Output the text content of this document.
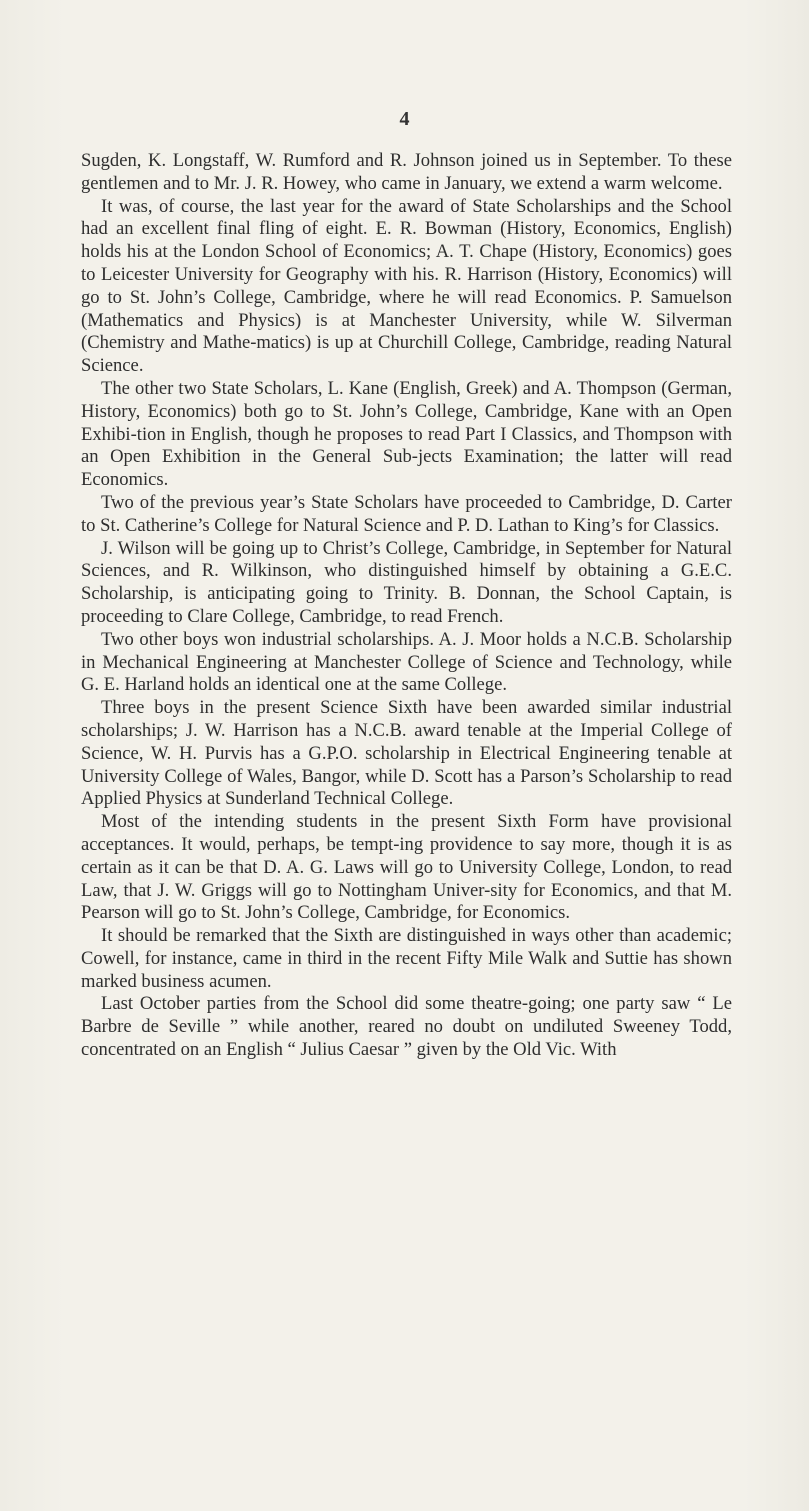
4

Sugden, K. Longstaff, W. Rumford and R. Johnson joined us in September. To these gentlemen and to Mr. J. R. Howey, who came in January, we extend a warm welcome.

It was, of course, the last year for the award of State Scholarships and the School had an excellent final fling of eight. E. R. Bowman (History, Economics, English) holds his at the London School of Economics; A. T. Chape (History, Economics) goes to Leicester University for Geography with his. R. Harrison (History, Economics) will go to St. John’s College, Cambridge, where he will read Economics. P. Samuelson (Mathematics and Physics) is at Manchester University, while W. Silverman (Chemistry and Mathe-matics) is up at Churchill College, Cambridge, reading Natural Science.

The other two State Scholars, L. Kane (English, Greek) and A. Thompson (German, History, Economics) both go to St. John’s College, Cambridge, Kane with an Open Exhibi-tion in English, though he proposes to read Part I Classics, and Thompson with an Open Exhibition in the General Sub-jects Examination; the latter will read Economics.

Two of the previous year’s State Scholars have proceeded to Cambridge, D. Carter to St. Catherine’s College for Natural Science and P. D. Lathan to King’s for Classics.

J. Wilson will be going up to Christ’s College, Cambridge, in September for Natural Sciences, and R. Wilkinson, who distinguished himself by obtaining a G.E.C. Scholarship, is anticipating going to Trinity. B. Donnan, the School Captain, is proceeding to Clare College, Cambridge, to read French.

Two other boys won industrial scholarships. A. J. Moor holds a N.C.B. Scholarship in Mechanical Engineering at Manchester College of Science and Technology, while G. E. Harland holds an identical one at the same College.

Three boys in the present Science Sixth have been awarded similar industrial scholarships; J. W. Harrison has a N.C.B. award tenable at the Imperial College of Science, W. H. Purvis has a G.P.O. scholarship in Electrical Engineering tenable at University College of Wales, Bangor, while D. Scott has a Parson’s Scholarship to read Applied Physics at Sunderland Technical College.

Most of the intending students in the present Sixth Form have provisional acceptances. It would, perhaps, be tempt-ing providence to say more, though it is as certain as it can be that D. A. G. Laws will go to University College, London, to read Law, that J. W. Griggs will go to Nottingham Univer-sity for Economics, and that M. Pearson will go to St. John’s College, Cambridge, for Economics.

It should be remarked that the Sixth are distinguished in ways other than academic; Cowell, for instance, came in third in the recent Fifty Mile Walk and Suttie has shown marked business acumen.

Last October parties from the School did some theatre-going; one party saw “ Le Barbre de Seville ” while another, reared no doubt on undiluted Sweeney Todd, concentrated on an English “ Julius Caesar ” given by the Old Vic. With
